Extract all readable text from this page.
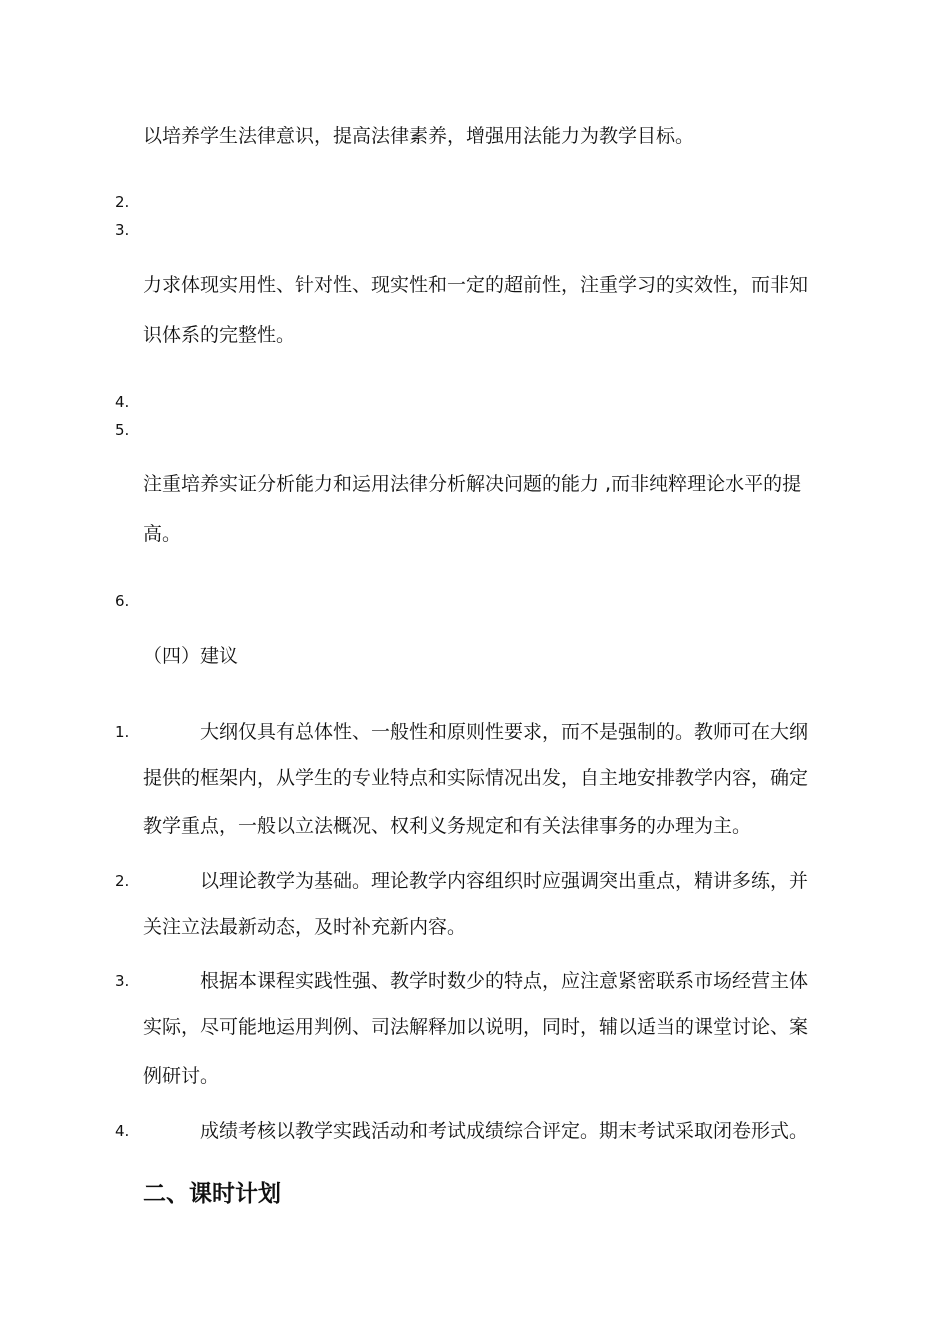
以培养学生法律意识，提高法律素养，增强用法能力为教学目标。
2.
3.
力求体现实用性、针对性、现实性和一定的超前性，注重学习的实效性，而非知
识体系的完整性。
4.
5.
注重培养实证分析能力和运用法律分析解决问题的能力 ,而非纯粹理论水平的提
高。
6.
（四）建议
1.	大纲仅具有总体性、一般性和原则性要求，而不是强制的。教师可在大纲
提供的框架内，从学生的专业特点和实际情况出发，自主地安排教学内容，确定
教学重点，一般以立法概况、权利义务规定和有关法律事务的办理为主。
2.	以理论教学为基础。理论教学内容组织时应强调突出重点，精讲多练，并
关注立法最新动态，及时补充新内容。
3.	根据本课程实践性强、教学时数少的特点，应注意紧密联系市场经营主体
实际，尽可能地运用判例、司法解释加以说明，同时，辅以适当的课堂讨论、案
例研讨。
4.	成绩考核以教学实践活动和考试成绩综合评定。期末考试采取闭卷形式。
二、课时计划
